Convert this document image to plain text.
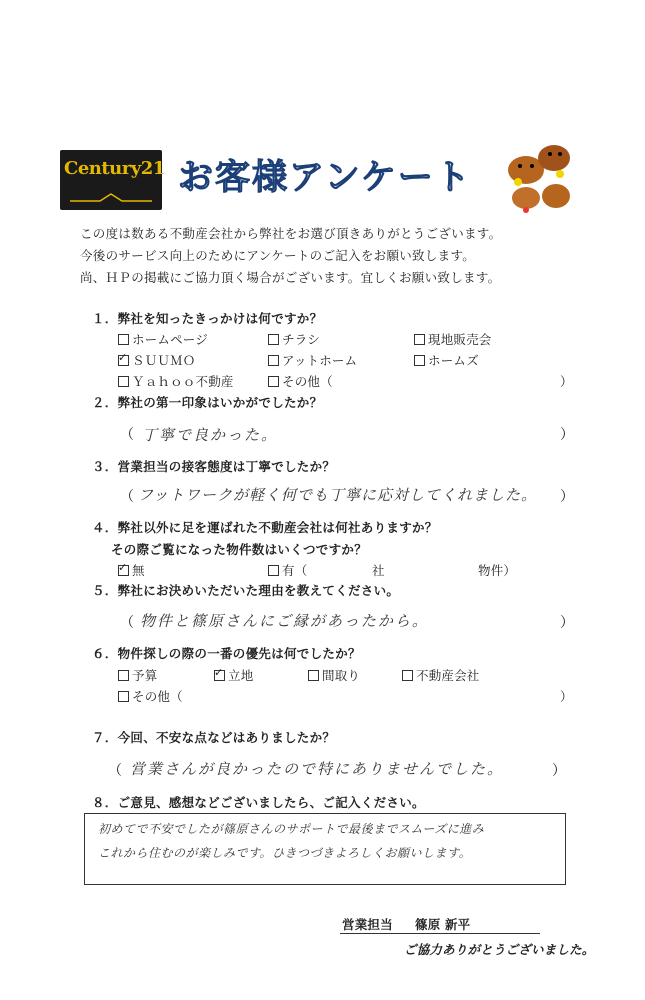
Century21 お客様アンケート
この度は数ある不動産会社から弊社をお選び頂きありがとうございます。
今後のサービス向上のためにアンケートのご記入をお願い致します。
尚、ＨＰの掲載にご協力頂く場合がございます。宜しくお願い致します。
１．弊社を知ったきっかけは何ですか？
ホームページ	チラシ	現地販売会
✓ＳＵＵＭＯ	アットホーム	ホームズ
Ｙａｈｏｏ不動産	その他（	）
２．弊社の第一印象はいかがでしたか？
（ 丁寧で良かった。	）
３．営業担当の接客態度は丁寧でしたか？
（ フットワークが軽く何でも丁寧に応対してくれました。 ）
４．弊社以外に足を運ばれた不動産会社は何社ありますか？
その際ご覧になった物件数はいくつですか？
✓無	有（	社	物件）
５．弊社にお決めいただいた理由を教えてください。
（ 物件と篠原さんにご縁があったから。	）
６．物件探しの際の一番の優先は何でしたか？
予算
✓	立地	間取り	不動産会社
その他（	）
７．今回、不安な点などはありましたか？
（ 営業さんが良かったので特にありませんでした。	）
８．ご意見、感想などございましたら、ご記入ください。
初めてで不安でしたが篠原さんのサポートで最後までスムーズに進み
これから住むのが楽しみです。ひきつづきよろしくお願いします。
営業担当 篠原 新平
ご協力ありがとうございました。
